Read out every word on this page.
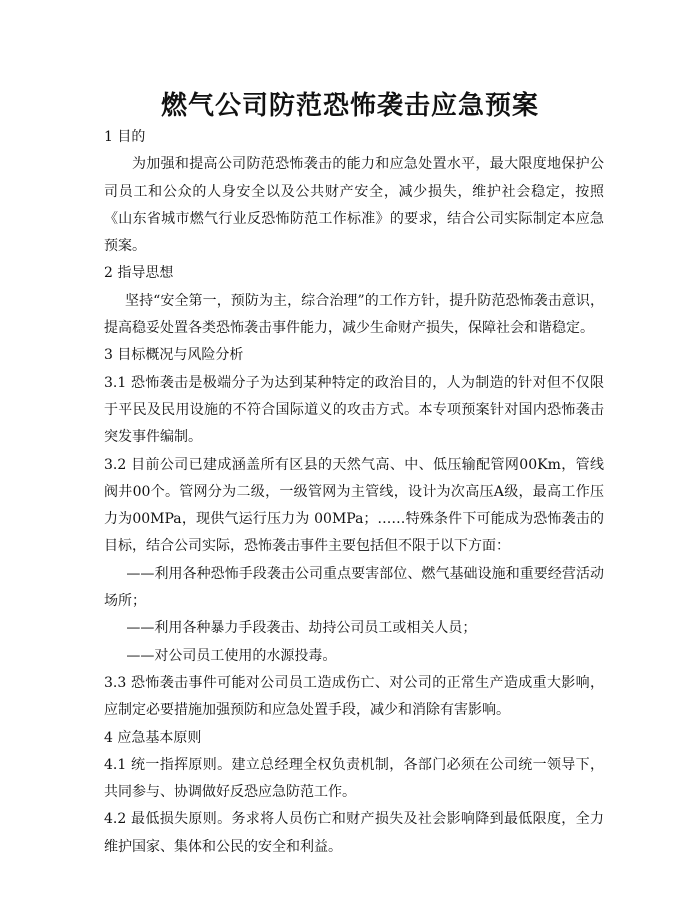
燃气公司防范恐怖袭击应急预案

1 目的

为加强和提高公司防范恐怖袭击的能力和应急处置水平，最大限度地保护公司员工和公众的人身安全以及公共财产安全，减少损失，维护社会稳定，按照《山东省城市燃气行业反恐怖防范工作标准》的要求，结合公司实际制定本应急预案。

2 指导思想

坚持“安全第一，预防为主，综合治理”的工作方针，提升防范恐怖袭击意识，提高稳妥处置各类恐怖袭击事件能力，减少生命财产损失，保障社会和谐稳定。

3 目标概况与风险分析

3.1 恐怖袭击是极端分子为达到某种特定的政治目的，人为制造的针对但不仅限于平民及民用设施的不符合国际道义的攻击方式。本专项预案针对国内恐怖袭击突发事件编制。

3.2 目前公司已建成涵盖所有区县的天然气高、中、低压输配管网00Km，管线阀井00个。管网分为二级，一级管网为主管线，设计为次高压A级，最高工作压力为00MPa，现供气运行压力为 00MPa；……特殊条件下可能成为恐怖袭击的目标，结合公司实际，恐怖袭击事件主要包括但不限于以下方面：

——利用各种恐怖手段袭击公司重点要害部位、燃气基础设施和重要经营活动场所；

——利用各种暴力手段袭击、劫持公司员工或相关人员；

——对公司员工使用的水源投毒。

3.3 恐怖袭击事件可能对公司员工造成伤亡、对公司的正常生产造成重大影响，应制定必要措施加强预防和应急处置手段，减少和消除有害影响。

4 应急基本原则

4.1 统一指挥原则。建立总经理全权负责机制，各部门必须在公司统一领导下，共同参与、协调做好反恐应急防范工作。

4.2 最低损失原则。务求将人员伤亡和财产损失及社会影响降到最低限度，全力维护国家、集体和公民的安全和利益。
